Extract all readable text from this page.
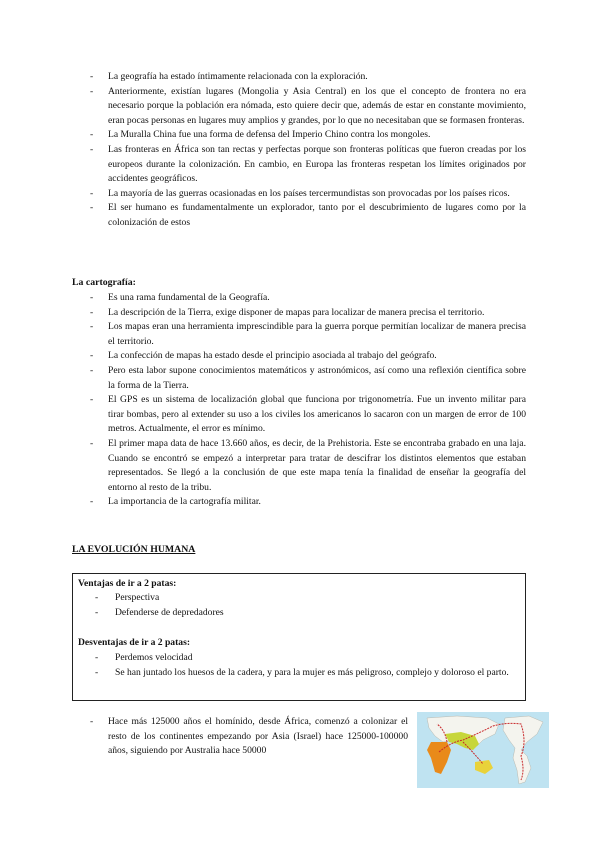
- La geografía ha estado íntimamente relacionada con la exploración.
- Anteriormente, existían lugares (Mongolia y Asia Central) en los que el concepto de frontera no era necesario porque la población era nómada, esto quiere decir que, además de estar en constante movimiento, eran pocas personas en lugares muy amplios y grandes, por lo que no necesitaban que se formasen fronteras.
- La Muralla China fue una forma de defensa del Imperio Chino contra los mongoles.
- Las fronteras en África son tan rectas y perfectas porque son fronteras políticas que fueron creadas por los europeos durante la colonización. En cambio, en Europa las fronteras respetan los límites originados por accidentes geográficos.
- La mayoría de las guerras ocasionadas en los países tercermundistas son provocadas por los países ricos.
- El ser humano es fundamentalmente un explorador, tanto por el descubrimiento de lugares como por la colonización de estos
La cartografía:
- Es una rama fundamental de la Geografía.
- La descripción de la Tierra, exige disponer de mapas para localizar de manera precisa el territorio.
- Los mapas eran una herramienta imprescindible para la guerra porque permitían localizar de manera precisa el territorio.
- La confección de mapas ha estado desde el principio asociada al trabajo del geógrafo.
- Pero esta labor supone conocimientos matemáticos y astronómicos, así como una reflexión científica sobre la forma de la Tierra.
- El GPS es un sistema de localización global que funciona por trigonometría. Fue un invento militar para tirar bombas, pero al extender su uso a los civiles los americanos lo sacaron con un margen de error de 100 metros. Actualmente, el error es mínimo.
- El primer mapa data de hace 13.660 años, es decir, de la Prehistoria. Este se encontraba grabado en una laja. Cuando se encontró se empezó a interpretar para tratar de descifrar los distintos elementos que estaban representados. Se llegó a la conclusión de que este mapa tenía la finalidad de enseñar la geografía del entorno al resto de la tribu.
- La importancia de la cartografía militar.
LA EVOLUCIÓN HUMANA
Ventajas de ir a 2 patas:
- Perspectiva
- Defenderse de depredadores
Desventajas de ir a 2 patas:
- Perdemos velocidad
- Se han juntado los huesos de la cadera, y para la mujer es más peligroso, complejo y doloroso el parto.
- Hace más 125000 años el homínido, desde África, comenzó a colonizar el resto de los continentes empezando por Asia (Israel) hace 125000-100000 años, siguiendo por Australia hace 50000
